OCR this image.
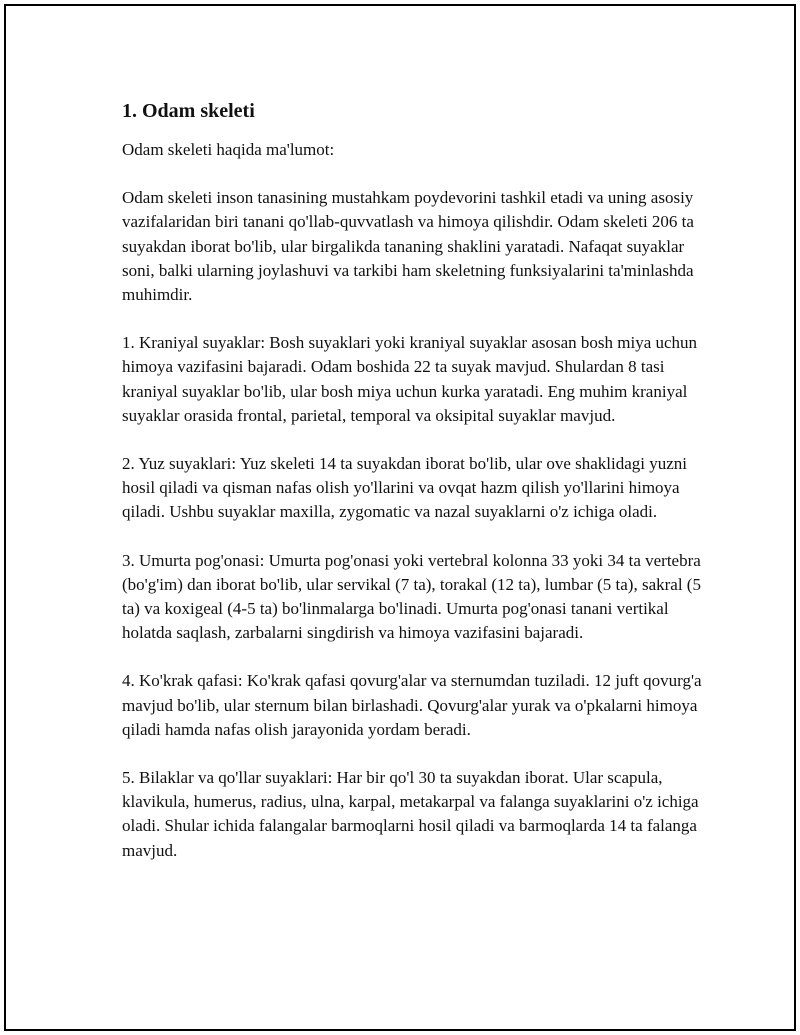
1. Odam skeleti

Odam skeleti haqida ma'lumot:

Odam skeleti inson tanasining mustahkam poydevorini tashkil etadi va uning asosiy vazifalaridan biri tanani qo'llab-quvvatlash va himoya qilishdir. Odam skeleti 206 ta suyakdan iborat bo'lib, ular birgalikda tananing shaklini yaratadi. Nafaqat suyaklar soni, balki ularning joylashuvi va tarkibi ham skeletning funksiyalarini ta'minlashda muhimdir.

1. Kraniyal suyaklar: Bosh suyaklari yoki kraniyal suyaklar asosan bosh miya uchun himoya vazifasini bajaradi. Odam boshida 22 ta suyak mavjud. Shulardan 8 tasi kraniyal suyaklar bo'lib, ular bosh miya uchun kurka yaratadi. Eng muhim kraniyal suyaklar orasida frontal, parietal, temporal va oksipital suyaklar mavjud.

2. Yuz suyaklari: Yuz skeleti 14 ta suyakdan iborat bo'lib, ular ove shaklidagi yuzni hosil qiladi va qisman nafas olish yo'llarini va ovqat hazm qilish yo'llarini himoya qiladi. Ushbu suyaklar maxilla, zygomatic va nazal suyaklarni o'z ichiga oladi.

3. Umurta pog'onasi: Umurta pog'onasi yoki vertebral kolonna 33 yoki 34 ta vertebra (bo'g'im) dan iborat bo'lib, ular servikal (7 ta), torakal (12 ta), lumbar (5 ta), sakral (5 ta) va koxigeal (4-5 ta) bo'linmalarga bo'linadi. Umurta pog'onasi tanani vertikal holatda saqlash, zarbalarni singdirish va himoya vazifasini bajaradi.

4. Ko'krak qafasi: Ko'krak qafasi qovurg'alar va sternumdan tuziladi. 12 juft qovurg'a mavjud bo'lib, ular sternum bilan birlashadi. Qovurg'alar yurak va o'pkalarni himoya qiladi hamda nafas olish jarayonida yordam beradi.

5. Bilaklar va qo'llar suyaklari: Har bir qo'l 30 ta suyakdan iborat. Ular scapula, klavikula, humerus, radius, ulna, karpal, metakarpal va falanga suyaklarini o'z ichiga oladi. Shular ichida falangalar barmoqlarni hosil qiladi va barmoqlarda 14 ta falanga mavjud.
